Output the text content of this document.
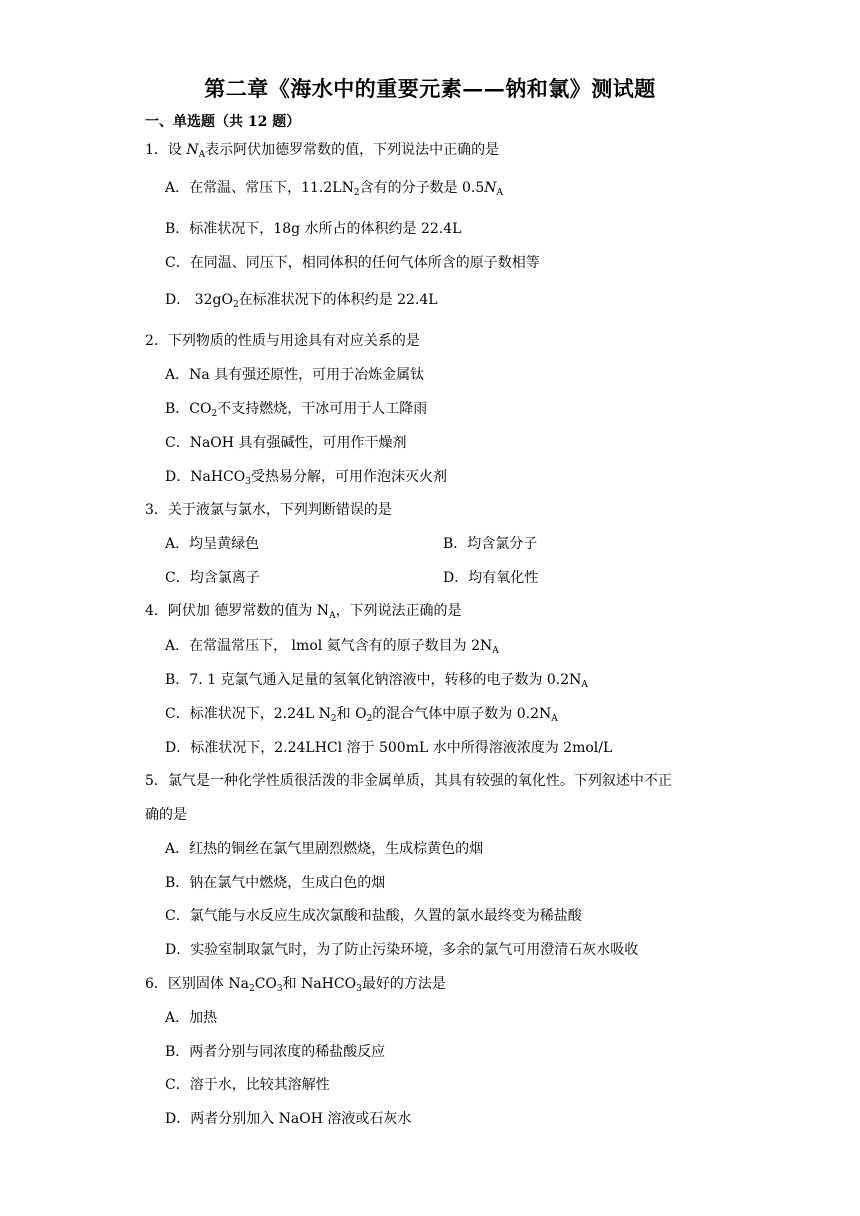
第二章《海水中的重要元素——钠和氯》测试题
一、单选题（共 12 题）
1．设 $N_A$表示阿伏加德罗常数的值，下列说法中正确的是
A．在常温、常压下，$11.2LN_2$含有的分子数是 $0.5N_A$
B．标准状况下，18g 水所占的体积约是 22.4L
C．在同温、同压下，相同体积的任何气体所含的原子数相等
D． $32gO_2$在标准状况下的体积约是 22.4L
2．下列物质的性质与用途具有对应关系的是
A．Na 具有强还原性，可用于冶炼金属钛
B．$CO_2$不支持燃烧，干冰可用于人工降雨
C．NaOH 具有强碱性，可用作干燥剂
D．NaHCO$_3$受热易分解，可用作泡沫灭火剂
3．关于液氯与氯水，下列判断错误的是
A．均呈黄绿色	B．均含氯分子
C．均含氯离子	D．均有氧化性
4．阿伏加 德罗常数的值为 $N_A$，下列说法正确的是
A．在常温常压下， lmol 氦气含有的原子数目为 $2N_A$
B．7. 1 克氯气通入足量的氢氧化钠溶液中，转移的电子数为 $0.2N_A$
C．标准状况下，2.24L $N_2$和 $O_2$的混合气体中原子数为 $0.2N_A$
D．标准状况下，2.24LHCl 溶于 500mL 水中所得溶液浓度为 2mol/L
5．氯气是一种化学性质很活泼的非金属单质，其具有较强的氧化性。下列叙述中不正
确的是
A．红热的铜丝在氯气里剧烈燃烧，生成棕黄色的烟
B．钠在氯气中燃烧，生成白色的烟
C．氯气能与水反应生成次氯酸和盐酸，久置的氯水最终变为稀盐酸
D．实验室制取氯气时，为了防止污染环境，多余的氯气可用澄清石灰水吸收
6．区别固体 $Na_2CO_3$和 NaHCO$_3$最好的方法是
A．加热
B．两者分别与同浓度的稀盐酸反应
C．溶于水，比较其溶解性
D．两者分别加入 NaOH 溶液或石灰水
